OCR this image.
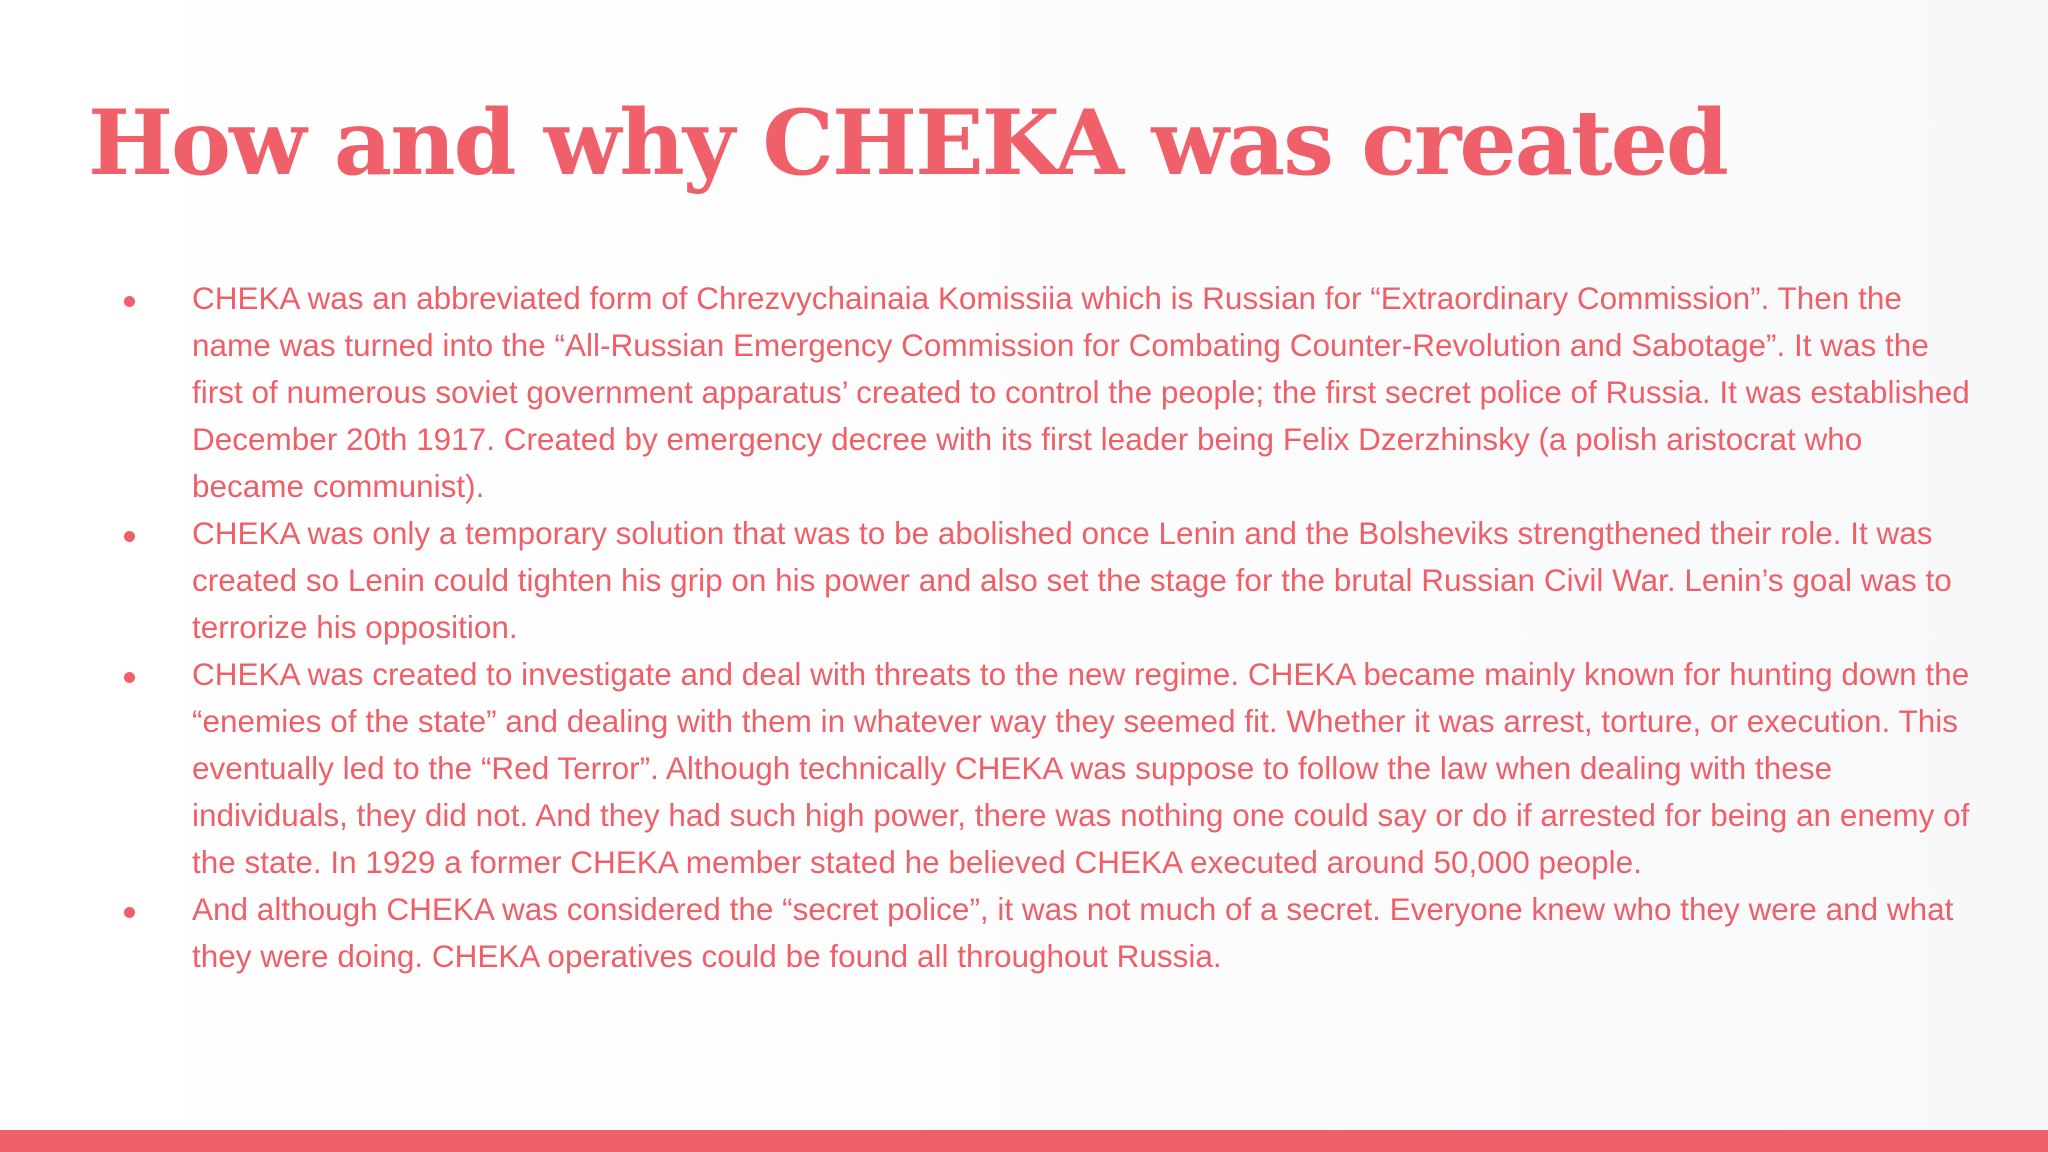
How and why CHEKA was created
CHEKA was an abbreviated form of Chrezvychainaia Komissiia which is Russian for “Extraordinary Commission”. Then the name was turned into the “All-Russian Emergency Commission for Combating Counter-Revolution and Sabotage”. It was the first of numerous soviet government apparatus’ created to control the people; the first secret police of Russia. It was established December 20th 1917. Created by emergency decree with its first leader being Felix Dzerzhinsky (a polish aristocrat who became communist).
CHEKA was only a temporary solution that was to be abolished once Lenin and the Bolsheviks strengthened their role. It was created so Lenin could tighten his grip on his power and also set the stage for the brutal Russian Civil War. Lenin’s goal was to terrorize his opposition.
CHEKA was created to investigate and deal with threats to the new regime. CHEKA became mainly known for hunting down the “enemies of the state” and dealing with them in whatever way they seemed fit. Whether it was arrest, torture, or execution. This eventually led to the “Red Terror”. Although technically CHEKA was suppose to follow the law when dealing with these individuals, they did not. And they had such high power, there was nothing one could say or do if arrested for being an enemy of the state. In 1929 a former CHEKA member stated he believed CHEKA executed around 50,000 people.
And although CHEKA was considered the “secret police”, it was not much of a secret. Everyone knew who they were and what they were doing. CHEKA operatives could be found all throughout Russia.
